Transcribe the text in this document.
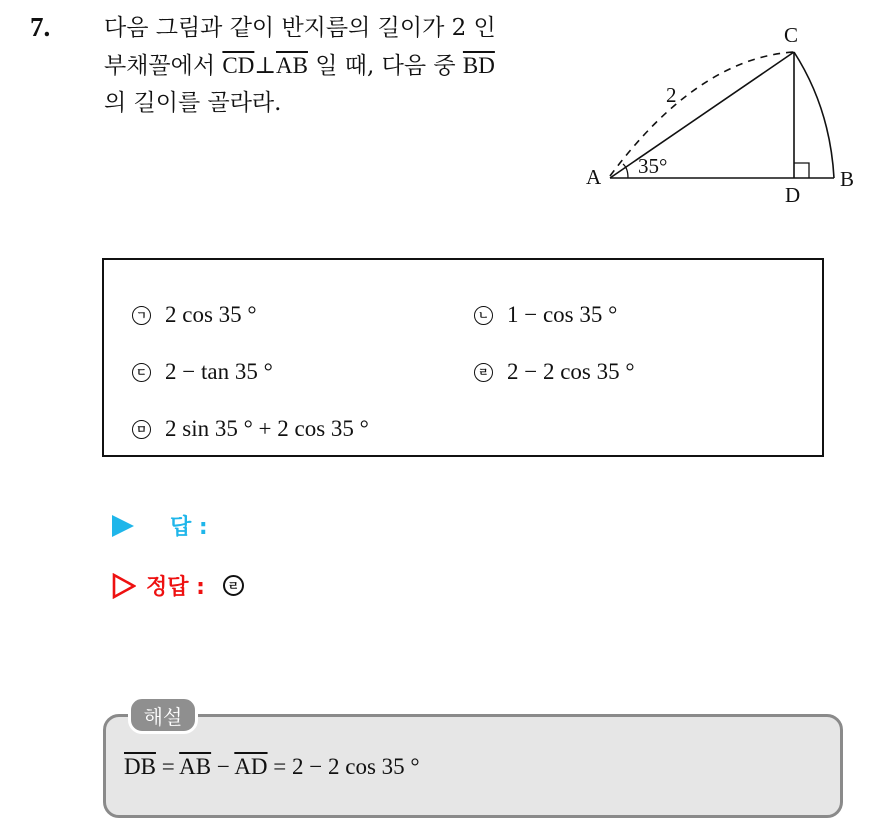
7. 다음 그림과 같이 반지름의 길이가 2 인
부채꼴에서 $\overline{CD}\perp\overline{AB}$ 일 때, 다음 중 $\overline{BD}$
의 길이를 골라라.
A	B
C
D
2
35°
ㄱ 2 cos 35 °	ㄴ 1 − cos 35 °
ㄷ 2 − tan 35 °	ㄹ 2 − 2 cos 35 °
ㅁ 2 sin 35 ° + 2 cos 35 °
답 :
정답 :	ㄹ
해설
$\overline{DB} = \overline{AB} - \overline{AD} = 2 - 2$ cos 35 °
